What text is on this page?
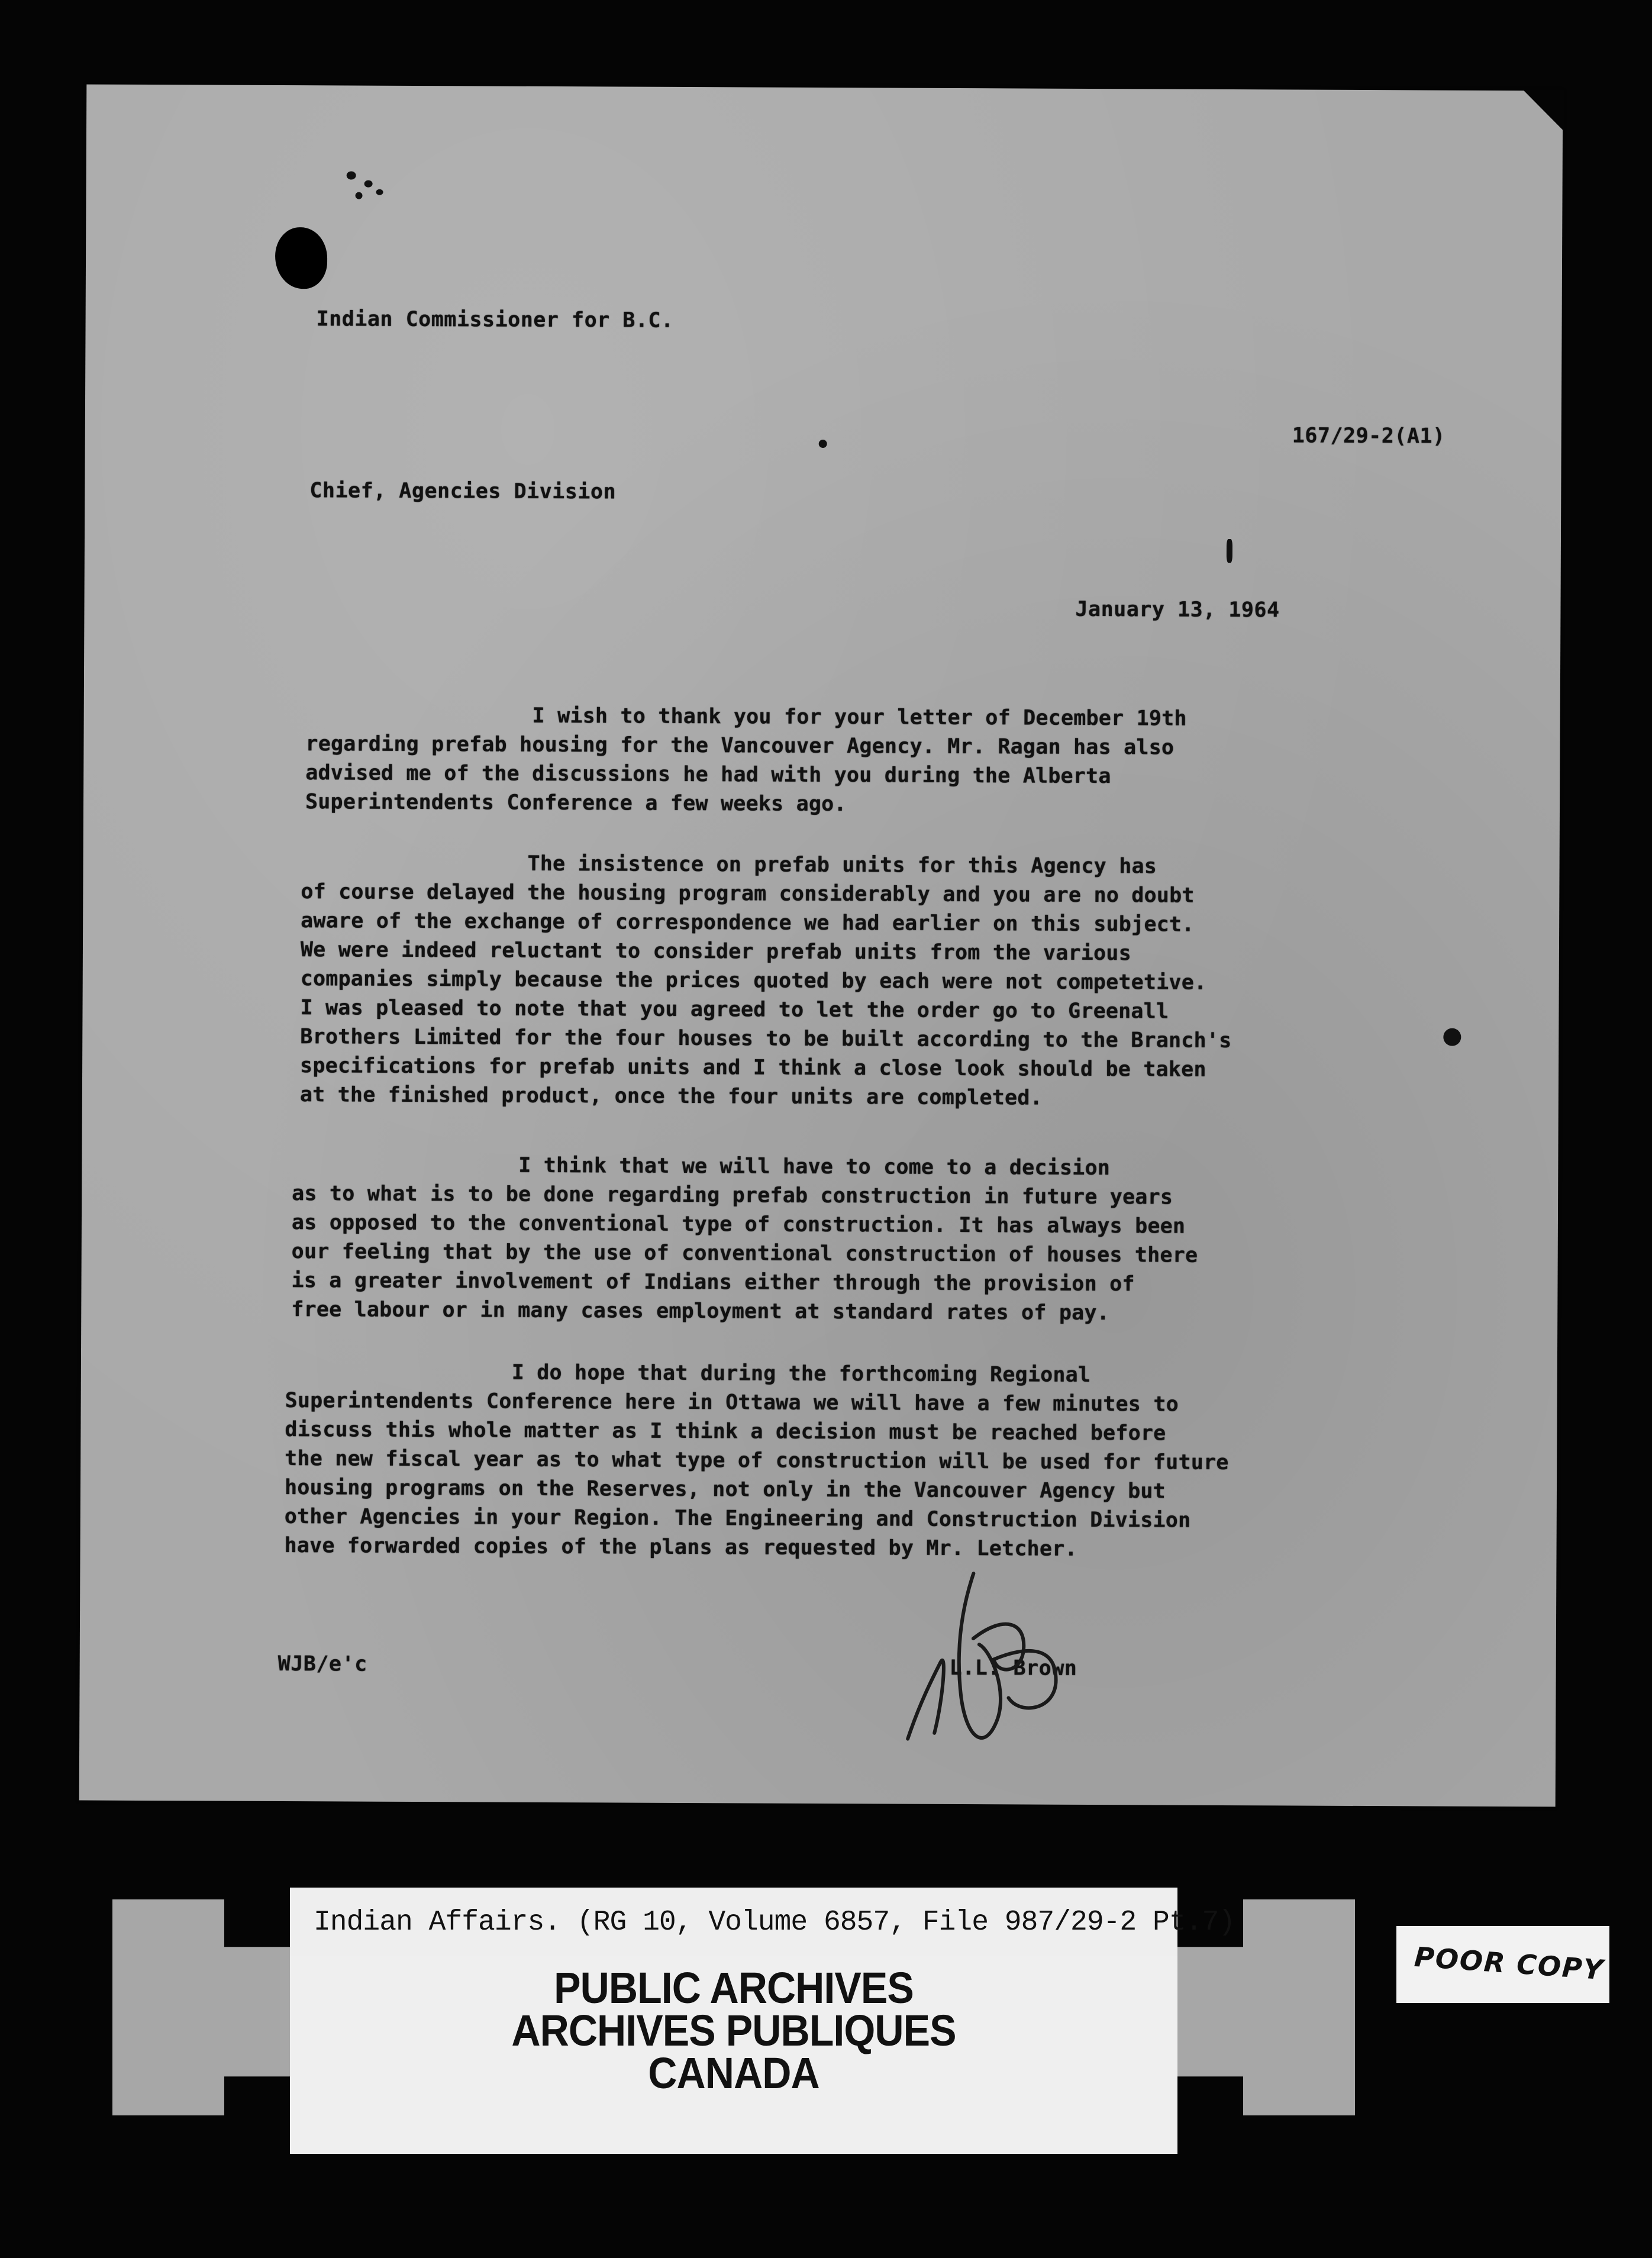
Indian Commissioner for B.C.
167/29-2(A1)
Chief, Agencies Division
January 13, 1964
I wish to thank you for your letter of December 19th
regarding prefab housing for the Vancouver Agency. Mr. Ragan has also
advised me of the discussions he had with you during the Alberta
Superintendents Conference a few weeks ago.
The insistence on prefab units for this Agency has
of course delayed the housing program considerably and you are no doubt
aware of the exchange of correspondence we had earlier on this subject.
We were indeed reluctant to consider prefab units from the various
companies simply because the prices quoted by each were not competetive.
I was pleased to note that you agreed to let the order go to Greenall
Brothers Limited for the four houses to be built according to the Branch's
specifications for prefab units and I think a close look should be taken
at the finished product, once the four units are completed.
I think that we will have to come to a decision
as to what is to be done regarding prefab construction in future years
as opposed to the conventional type of construction. It has always been
our feeling that by the use of conventional construction of houses there
is a greater involvement of Indians either through the provision of
free labour or in many cases employment at standard rates of pay.
I do hope that during the forthcoming Regional
Superintendents Conference here in Ottawa we will have a few minutes to
discuss this whole matter as I think a decision must be reached before
the new fiscal year as to what type of construction will be used for future
housing programs on the Reserves, not only in the Vancouver Agency but
other Agencies in your Region. The Engineering and Construction Division
have forwarded copies of the plans as requested by Mr. Letcher.
WJB/e'c	L.L. Brown
Indian Affairs. (RG 10, Volume 6857, File 987/29-2 Pt.7)
PUBLIC ARCHIVES
ARCHIVES PUBLIQUES
CANADA
POOR COPY
